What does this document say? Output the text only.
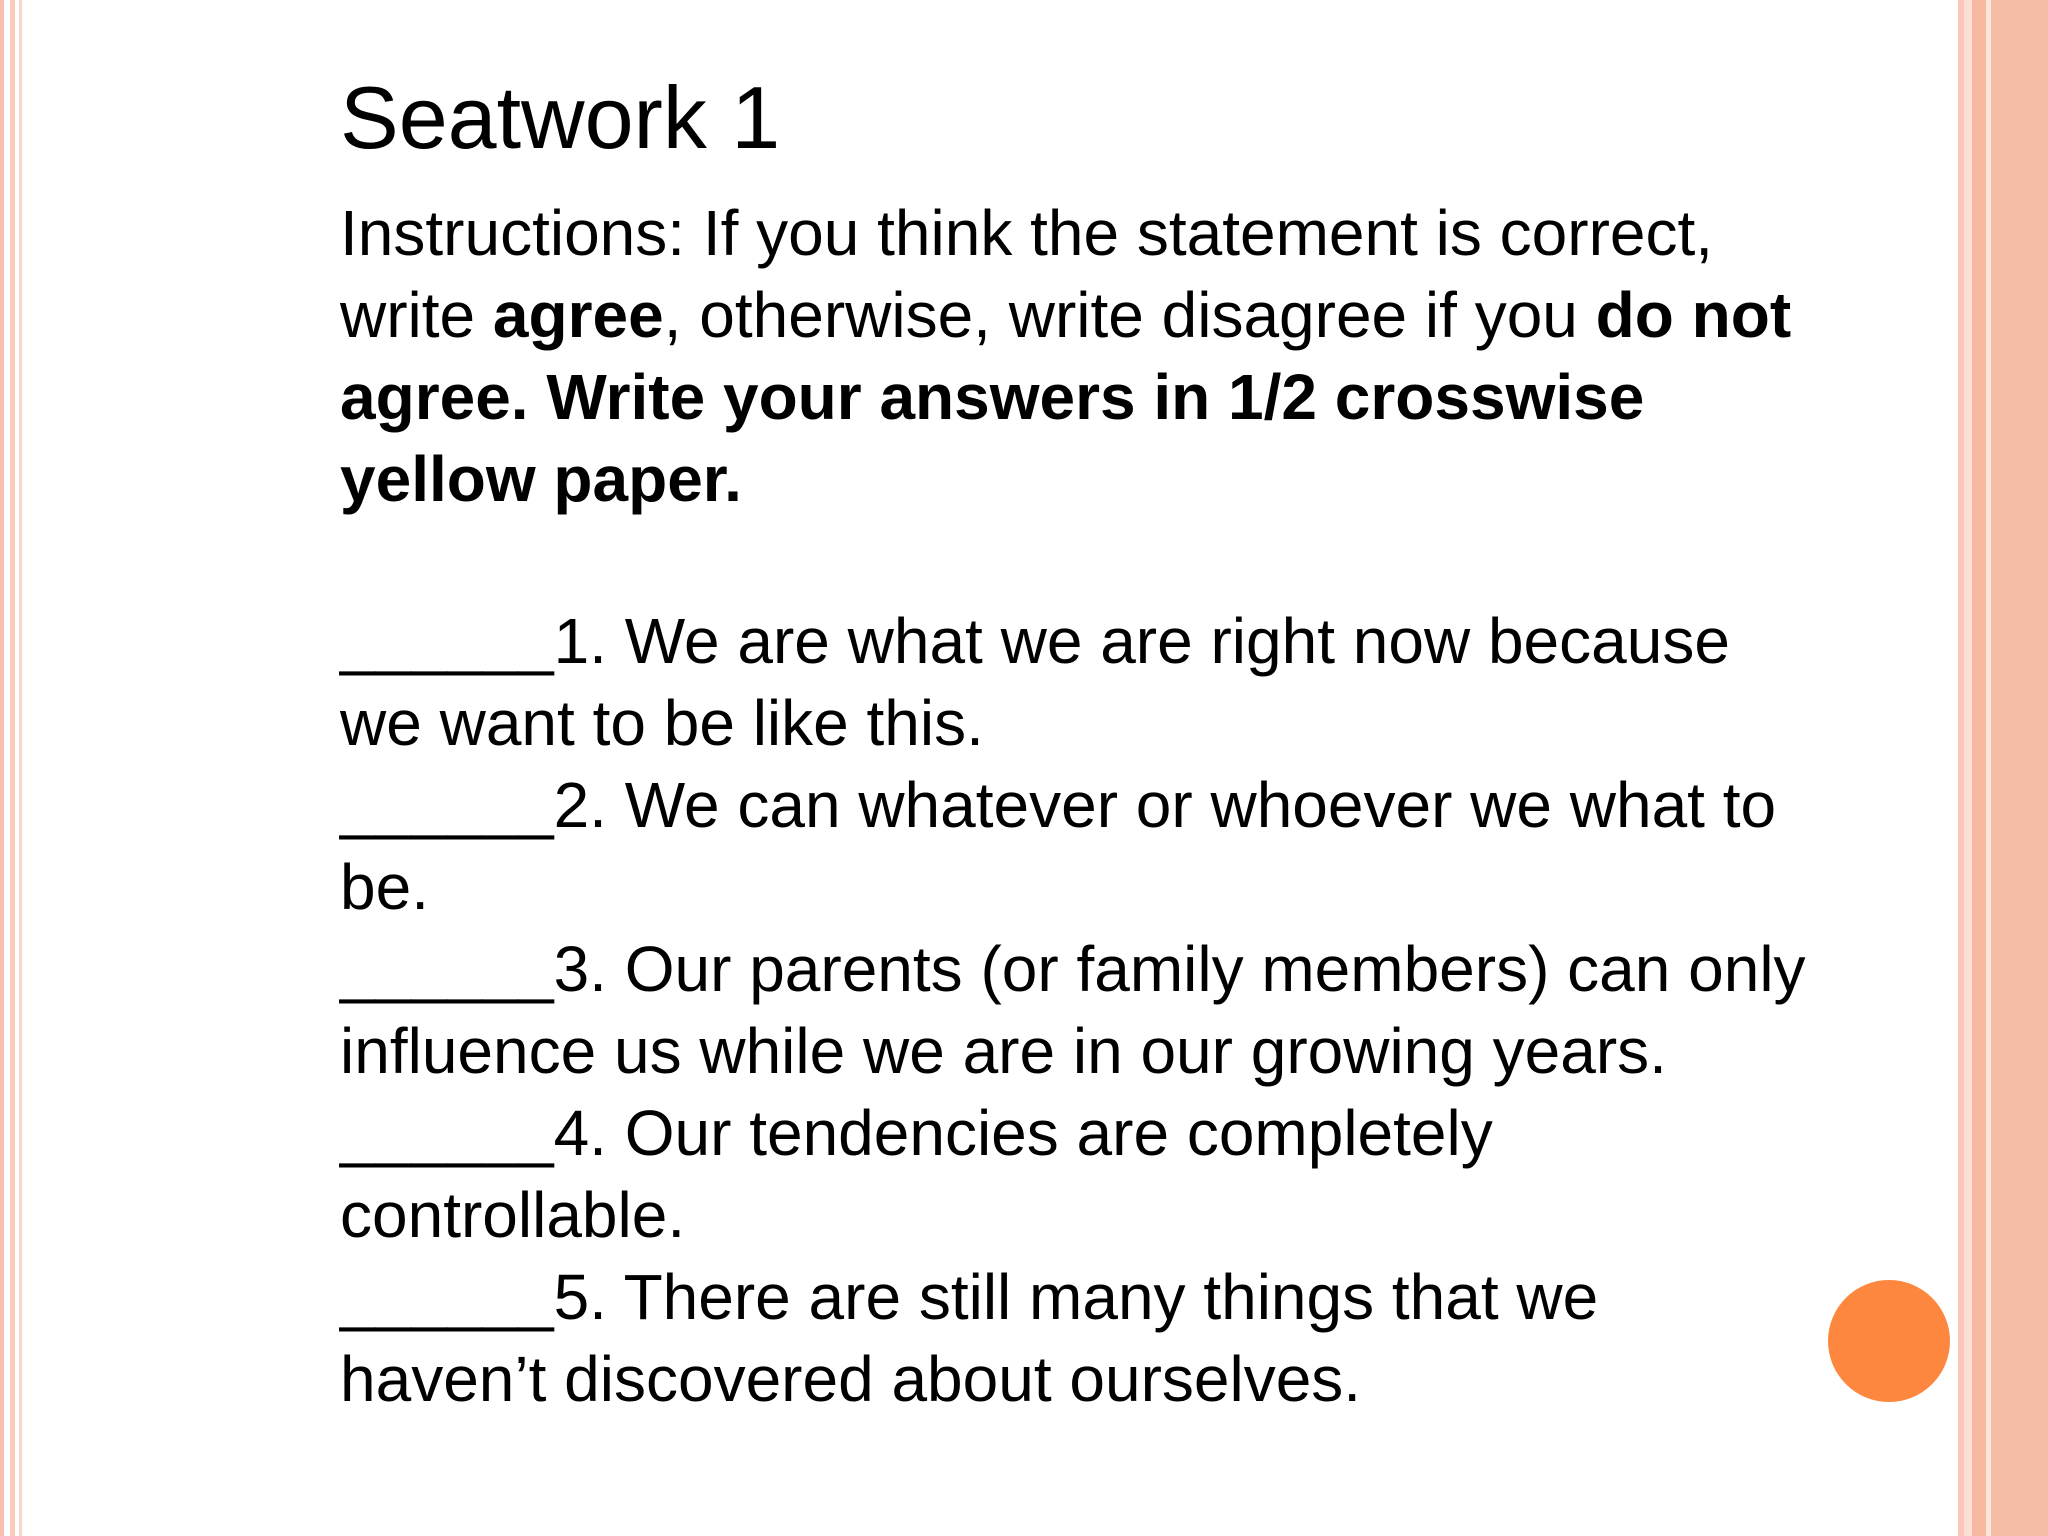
Seatwork 1
Instructions: If you think the statement is correct, write agree, otherwise, write disagree if you do not agree. Write your answers in 1/2 crosswise yellow paper.
______1. We are what we are right now because we want to be like this.
______2. We can whatever or whoever we what to be.
______3. Our parents (or family members) can only influence us while we are in our growing years.
______4. Our tendencies are completely controllable.
______5. There are still many things that we haven’t discovered about ourselves.
